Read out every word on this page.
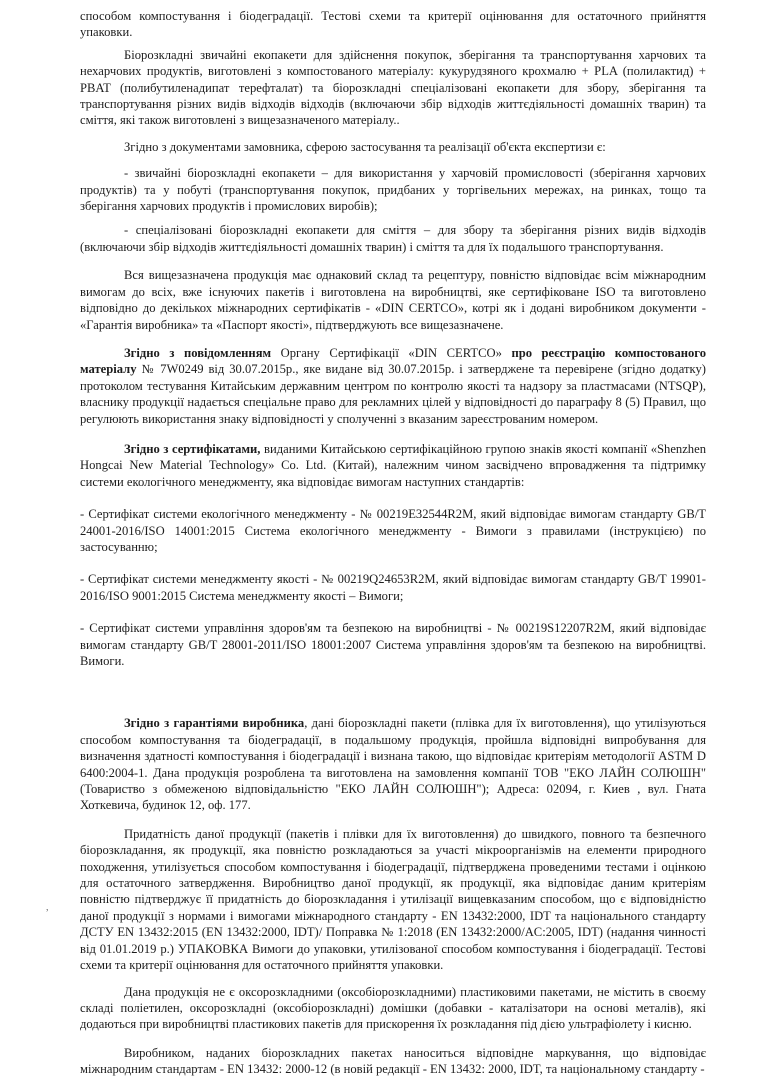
способом компостування і біодеградації. Тестові схеми та критерії оцінювання для остаточного прийняття упаковки.

Біорозкладні звичайні екопакети для здійснення покупок, зберігання та транспортування харчових та нехарчових продуктів, виготовлені з компостованого матеріалу: кукурудзяного крохмалю + PLA (полилактид) + PBAT (полибутиленадипат терефталат) та біорозкладні спеціалізовані екопакети для збору, зберігання та транспортування різних видів відходів відходів (включаючи збір відходів життєдіяльності домашніх тварин) та сміття, які також виготовлені з вищезазначеного матеріалу..

Згідно з документами замовника, сферою застосування та реалізації об'єкта експертизи є:

- звичайні біорозкладні екопакети – для використання у харчовій промисловості (зберігання харчових продуктів) та у побуті (транспортування покупок, придбаних у торгівельних мережах, на ринках, тощо та зберігання харчових продуктів і промислових виробів);

- спеціалізовані біорозкладні екопакети для сміття – для збору та зберігання різних видів відходів (включаючи збір відходів життєдіяльності домашніх тварин) і сміття та для їх подальшого транспортування.

Вся вищезазначена продукція має однаковий склад та рецептуру, повністю відповідає всім міжнародним вимогам до всіх, вже існуючих пакетів і виготовлена на виробництві, яке сертифіковане ISO та виготовлено відповідно до декількох міжнародних сертифікатів - «DIN CERTCO», котрі як і додані виробником документи - «Гарантія виробника» та «Паспорт якості», підтверджують все вищезазначене.

Згідно з повідомленням Органу Сертифікації «DIN CERTCO» про реєстрацію компостованого матеріалу № 7W0249 від 30.07.2015р., яке видане від 30.07.2015р. і затверджене та перевірене (згідно додатку) протоколом тестування Китайським державним центром по контролю якості та надзору за пластмасами (NTSQP), власнику продукції надається спеціальне право для рекламних цілей у відповідності до параграфу 8 (5) Правил, що регулюють використання знаку відповідності у сполученні з вказаним зареєстрованим номером.

Згідно з сертифікатами, виданими Китайською сертифікаційною групою знаків якості компанії «Shenzhen Hongcai New Material Technology» Co. Ltd. (Китай), належним чином засвідчено впровадження та підтримку системи екологічного менеджменту, яка відповідає вимогам наступних стандартів:

- Сертифікат системи екологічного менеджменту - № 00219E32544R2M, який відповідає вимогам стандарту GB/T 24001-2016/ISO 14001:2015 Система екологічного менеджменту - Вимоги з правилами (інструкцією) по застосуванню;

- Сертифікат системи менеджменту якості - № 00219Q24653R2M, який відповідає вимогам стандарту GB/T 19901-2016/ISO 9001:2015 Система менеджменту якості – Вимоги;

- Сертифікат системи управління здоров'ям та безпекою на виробництві - № 00219S12207R2M, який відповідає вимогам стандарту GB/T 28001-2011/ISO 18001:2007 Система управління здоров'ям та безпекою на виробництві. Вимоги.

Згідно з гарантіями виробника, дані біорозкладні пакети (плівка для їх виготовлення), що утилізуються способом компостування та біодеградації, в подальшому продукція, пройшла відповідні випробування для визначення здатності компостування і біодеградації і визнана такою, що відповідає критеріям методології ASTM D 6400:2004-1. Дана продукція розроблена та виготовлена на замовлення компанії ТОВ "ЕКО ЛАЙН СОЛЮШН" (Товариство з обмеженою відповідальністю "ЕКО ЛАЙН СОЛЮШН"); Адреса: 02094, г. Киев , вул. Гната Хоткевича, будинок 12, оф. 177.

Придатність даної продукції (пакетів і плівки для їх виготовлення) до швидкого, повного та безпечного біорозкладання, як продукції, яка повністю розкладаються за участі мікроорганізмів на елементи природного походження, утилізується способом компостування і біодеградації, підтверджена проведеними тестами і оцінкою для остаточного затвердження. Виробництво даної продукції, як продукції, яка відповідає даним критеріям повністю підтверджує її придатність до біорозкладання і утилізації вищевказаним способом, що є відповідністю даної продукції з нормами і вимогами міжнародного стандарту - EN 13432:2000, IDT та національного стандарту ДСТУ EN 13432:2015 (EN 13432:2000, IDT)/ Поправка № 1:2018 (EN 13432:2000/AC:2005, IDT) (надання чинності від 01.01.2019 р.) УПАКОВКА Вимоги до упаковки, утилізованої способом компостування і біодеградації. Тестові схеми та критерії оцінювання для остаточного прийняття упаковки.

Дана продукція не є оксорозкладними (оксобіорозкладними) пластиковими пакетами, не містить в своєму складі поліетилен, оксорозкладні (оксобіорозкладні) домішки (добавки - каталізатори на основі металів), які додаються при виробництві пластикових пакетів для прискорення їх розкладання під дією ультрафіолету і кисню.

Виробником, наданих біорозкладних пакетах наноситься відповідне маркування, що відповідає міжнародним стандартам - EN 13432: 2000-12 (в новій редакції - EN 13432: 2000, IDT, та національному стандарту -

,
